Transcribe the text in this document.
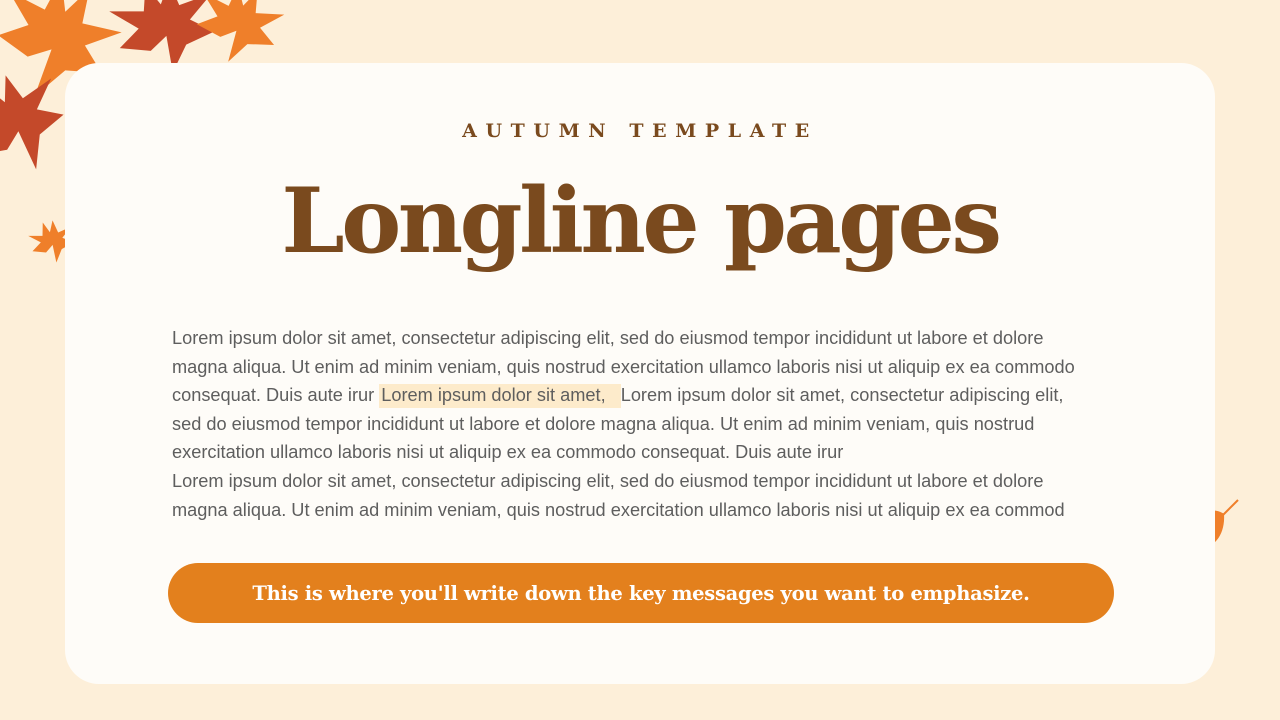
AUTUMN TEMPLATE
Longline pages

Lorem ipsum dolor sit amet, consectetur adipiscing elit, sed do eiusmod tempor incididunt ut labore et dolore
magna aliqua. Ut enim ad minim veniam, quis nostrud exercitation ullamco laboris nisi ut aliquip ex ea commodo
consequat. Duis aute irur Lorem ipsum dolor sit amet, Lorem ipsum dolor sit amet, consectetur adipiscing elit,
sed do eiusmod tempor incididunt ut labore et dolore magna aliqua. Ut enim ad minim veniam, quis nostrud
exercitation ullamco laboris nisi ut aliquip ex ea commodo consequat. Duis aute irur
Lorem ipsum dolor sit amet, consectetur adipiscing elit, sed do eiusmod tempor incididunt ut labore et dolore
magna aliqua. Ut enim ad minim veniam, quis nostrud exercitation ullamco laboris nisi ut aliquip ex ea commod

This is where you'll write down the key messages you want to emphasize.
